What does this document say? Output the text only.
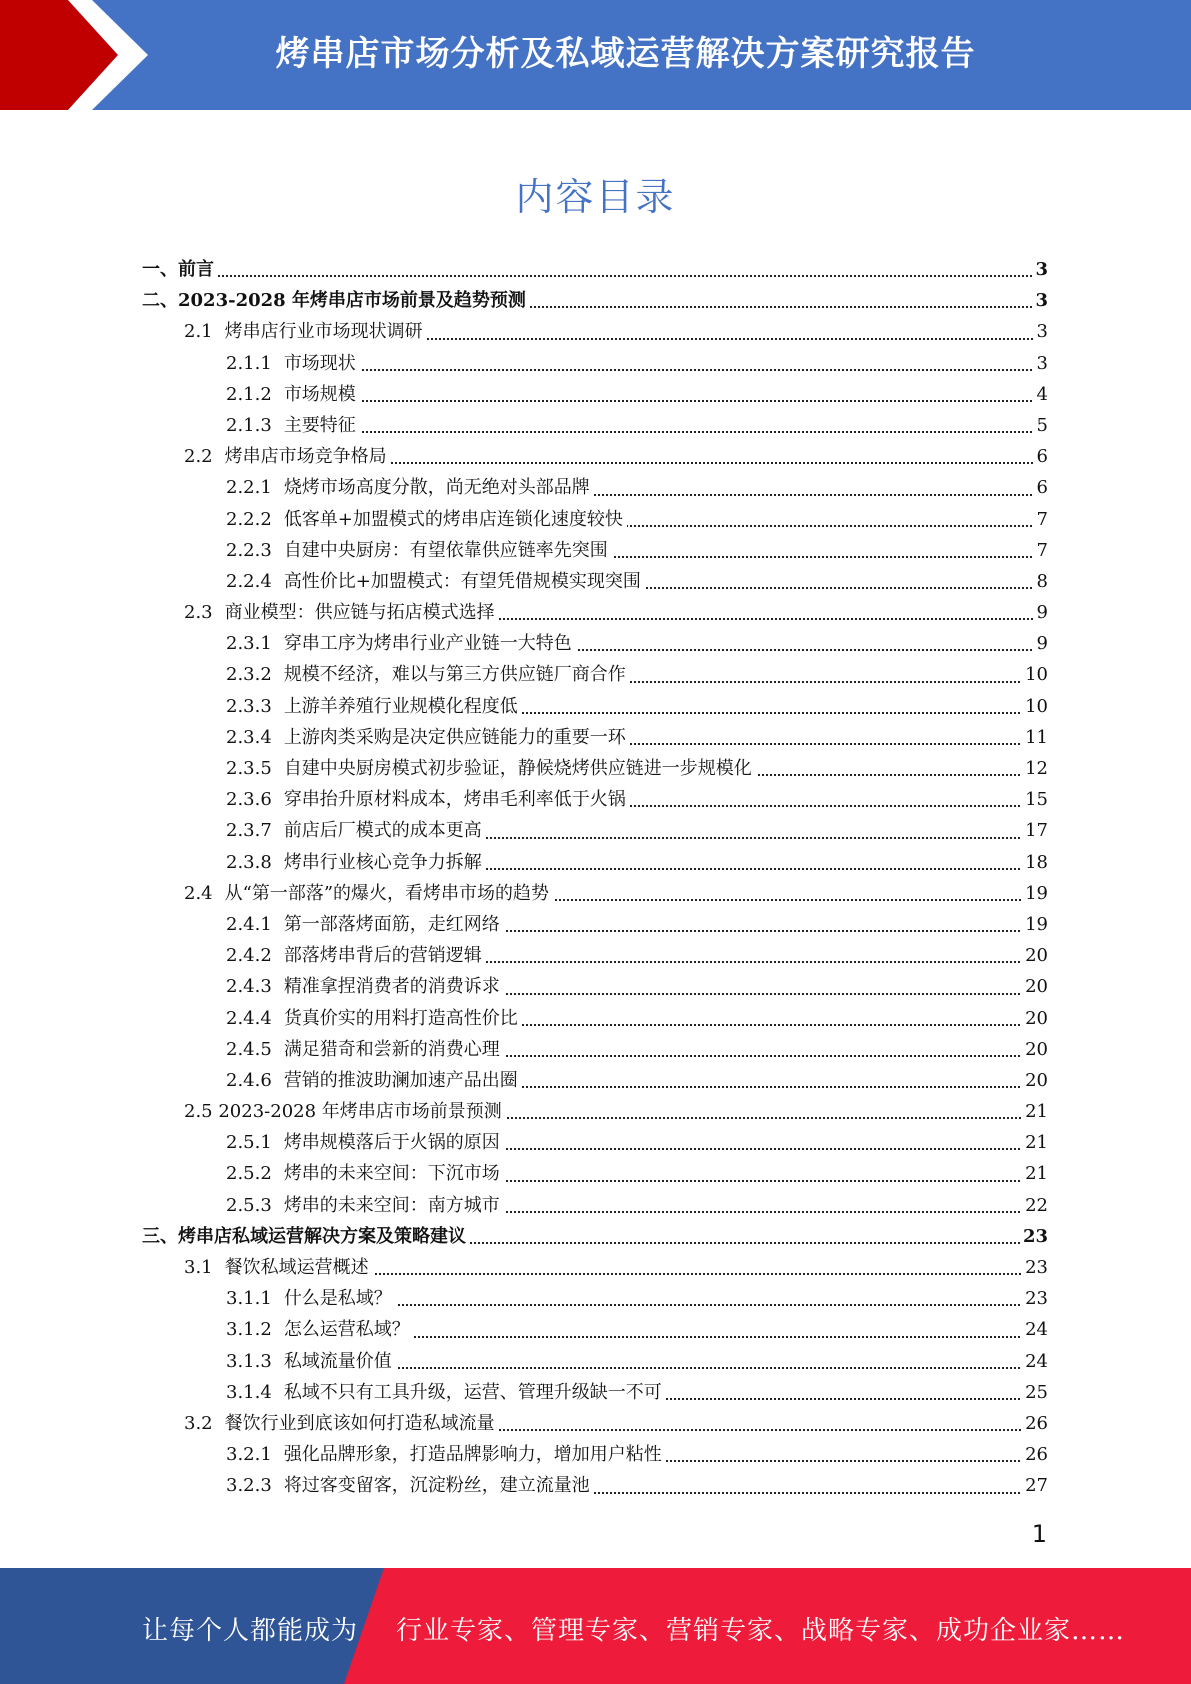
烤串店市场分析及私域运营解决方案研究报告
内容目录
一、前言	3
二、2023-2028 年烤串店市场前景及趋势预测	3
2.1 烤串店行业市场现状调研	3
2.1.1 市场现状	3
2.1.2 市场规模	4
2.1.3 主要特征	5
2.2 烤串店市场竞争格局	6
2.2.1 烧烤市场高度分散，尚无绝对头部品牌	6
2.2.2 低客单+加盟模式的烤串店连锁化速度较快	7
2.2.3 自建中央厨房：有望依靠供应链率先突围	7
2.2.4 高性价比+加盟模式：有望凭借规模实现突围	8
2.3 商业模型：供应链与拓店模式选择	9
2.3.1 穿串工序为烤串行业产业链一大特色	9
2.3.2 规模不经济，难以与第三方供应链厂商合作	10
2.3.3 上游羊养殖行业规模化程度低	10
2.3.4 上游肉类采购是决定供应链能力的重要一环	11
2.3.5 自建中央厨房模式初步验证，静候烧烤供应链进一步规模化	12
2.3.6 穿串抬升原材料成本，烤串毛利率低于火锅	15
2.3.7 前店后厂模式的成本更高	17
2.3.8 烤串行业核心竞争力拆解	18
2.4 从“第一部落”的爆火，看烤串市场的趋势	19
2.4.1 第一部落烤面筋，走红网络	19
2.4.2 部落烤串背后的营销逻辑	20
2.4.3 精准拿捏消费者的消费诉求	20
2.4.4 货真价实的用料打造高性价比	20
2.4.5 满足猎奇和尝新的消费心理	20
2.4.6 营销的推波助澜加速产品出圈	20
2.5 2023-2028 年烤串店市场前景预测	21
2.5.1 烤串规模落后于火锅的原因	21
2.5.2 烤串的未来空间：下沉市场	21
2.5.3 烤串的未来空间：南方城市	22
三、烤串店私域运营解决方案及策略建议	23
3.1 餐饮私域运营概述	23
3.1.1 什么是私域？	23
3.1.2 怎么运营私域？	24
3.1.3 私域流量价值	24
3.1.4 私域不只有工具升级，运营、管理升级缺一不可	25
3.2 餐饮行业到底该如何打造私域流量	26
3.2.1 强化品牌形象，打造品牌影响力，增加用户粘性	26
3.2.3 将过客变留客，沉淀粉丝，建立流量池	27
1
让每个人都能成为 行业专家、管理专家、营销专家、战略专家、成功企业家……
